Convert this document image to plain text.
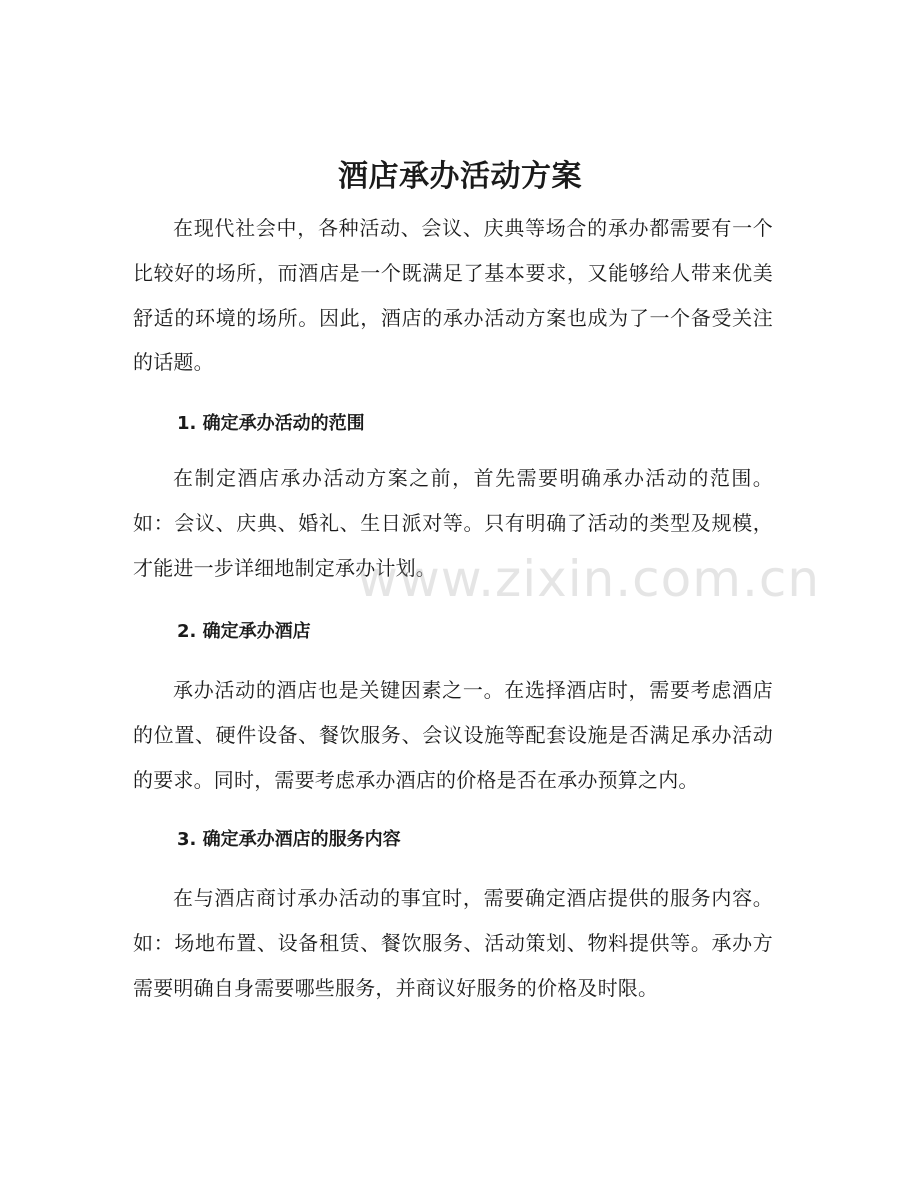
酒店承办活动方案
在现代社会中，各种活动、会议、庆典等场合的承办都需要有一个比较好的场所，而酒店是一个既满足了基本要求，又能够给人带来优美舒适的环境的场所。因此，酒店的承办活动方案也成为了一个备受关注的话题。
1. 确定承办活动的范围
在制定酒店承办活动方案之前，首先需要明确承办活动的范围。如：会议、庆典、婚礼、生日派对等。只有明确了活动的类型及规模，才能进一步详细地制定承办计划。
2. 确定承办酒店
承办活动的酒店也是关键因素之一。在选择酒店时，需要考虑酒店的位置、硬件设备、餐饮服务、会议设施等配套设施是否满足承办活动的要求。同时，需要考虑承办酒店的价格是否在承办预算之内。
3. 确定承办酒店的服务内容
在与酒店商讨承办活动的事宜时，需要确定酒店提供的服务内容。如：场地布置、设备租赁、餐饮服务、活动策划、物料提供等。承办方需要明确自身需要哪些服务，并商议好服务的价格及时限。
www.zixin.com.cn
